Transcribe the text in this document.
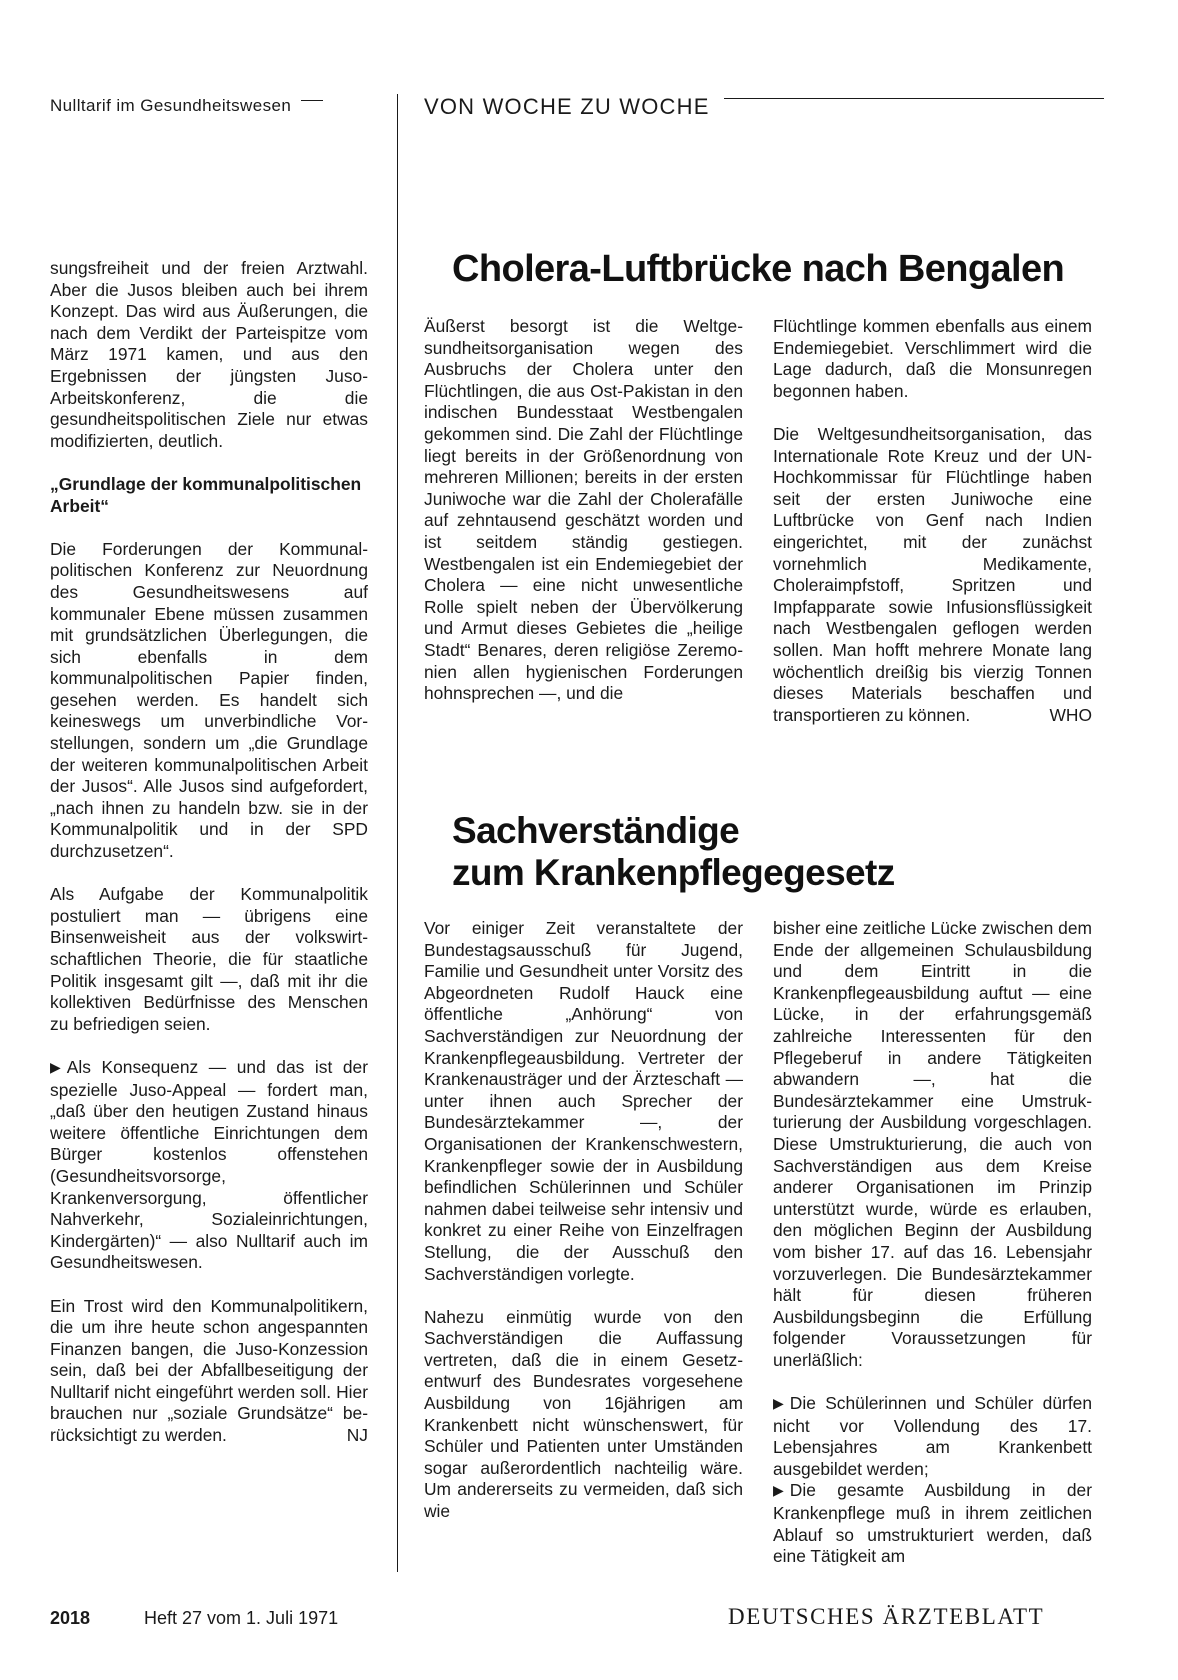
Nulltarif im Gesundheitswesen	VON WOCHE ZU WOCHE

sungsfreiheit und der freien Arztwahl. Aber die Jusos bleiben auch bei ihrem Konzept. Das wird aus Äußerungen, die nach dem Verdikt der Parteispitze vom März 1971 kamen, und aus den Ergebnissen der jüngsten Juso-Arbeitskonferenz, die die gesundheitspolitischen Ziele nur etwas modifizierten, deutlich.

„Grundlage der kommunalpolitischen Arbeit“

Die Forderungen der Kommunalpolitischen Konferenz zur Neuordnung des Gesundheitswesens auf kommunaler Ebene müssen zusammen mit grundsätzlichen Überlegungen, die sich ebenfalls in dem kommunalpolitischen Papier finden, gesehen werden. Es handelt sich keineswegs um unverbindliche Vorstellungen, sondern um „die Grundlage der weiteren kommunalpolitischen Arbeit der Jusos“. Alle Jusos sind aufgefordert, „nach ihnen zu handeln bzw. sie in der Kommunalpolitik und in der SPD durchzusetzen“.

Als Aufgabe der Kommunalpolitik postuliert man — übrigens eine Binsenweisheit aus der volkswirtschaftlichen Theorie, die für staatliche Politik insgesamt gilt —, daß mit ihr die kollektiven Bedürfnisse des Menschen zu befriedigen seien.

▶ Als Konsequenz — und das ist der spezielle Juso-Appeal — fordert man, „daß über den heutigen Zustand hinaus weitere öffentliche Einrichtungen dem Bürger kostenlos offenstehen (Gesundheitsvorsorge, Krankenversorgung, öffentlicher Nahverkehr, Sozialeinrichtungen, Kindergärten)“ — also Nulltarif auch im Gesundheitswesen.

Ein Trost wird den Kommunalpolitikern, die um ihre heute schon angespannten Finanzen bangen, die Juso-Konzession sein, daß bei der Abfallbeseitigung der Nulltarif nicht eingeführt werden soll. Hier brauchen nur „soziale Grundsätze“ berücksichtigt zu werden.	NJ

Cholera-Luftbrücke nach Bengalen

Äußerst besorgt ist die Weltgesundheitsorganisation wegen des Ausbruchs der Cholera unter den Flüchtlingen, die aus Ost-Pakistan in den indischen Bundesstaat Westbengalen gekommen sind. Die Zahl der Flüchtlinge liegt bereits in der Größenordnung von mehreren Millionen; bereits in der ersten Juniwoche war die Zahl der Cholerafälle auf zehntausend geschätzt worden und ist seitdem ständig gestiegen. Westbengalen ist ein Endemiegebiet der Cholera — eine nicht unwesentliche Rolle spielt neben der Übervölkerung und Armut dieses Gebietes die „heilige Stadt“ Benares, deren religiöse Zeremonien allen hygienischen Forderungen hohnsprechen —, und die

Flüchtlinge kommen ebenfalls aus einem Endemiegebiet. Verschlimmert wird die Lage dadurch, daß die Monsunregen begonnen haben.

Die Weltgesundheitsorganisation, das Internationale Rote Kreuz und der UN-Hochkommissar für Flüchtlinge haben seit der ersten Juniwoche eine Luftbrücke von Genf nach Indien eingerichtet, mit der zunächst vornehmlich Medikamente, Choleraimpfstoff, Spritzen und Impfapparate sowie Infusionsflüssigkeit nach Westbengalen geflogen werden sollen. Man hofft mehrere Monate lang wöchentlich dreißig bis vierzig Tonnen dieses Materials beschaffen und transportieren zu können.	WHO

Sachverständige
zum Krankenpflegegesetz

Vor einiger Zeit veranstaltete der Bundestagsausschuß für Jugend, Familie und Gesundheit unter Vorsitz des Abgeordneten Rudolf Hauck eine öffentliche „Anhörung“ von Sachverständigen zur Neuordnung der Krankenpflegeausbildung. Vertreter der Krankenausträger und der Ärzteschaft — unter ihnen auch Sprecher der Bundesärztekammer —, der Organisationen der Krankenschwestern, Krankenpfleger sowie der in Ausbildung befindlichen Schülerinnen und Schüler nahmen dabei teilweise sehr intensiv und konkret zu einer Reihe von Einzelfragen Stellung, die der Ausschuß den Sachverständigen vorlegte.

Nahezu einmütig wurde von den Sachverständigen die Auffassung vertreten, daß die in einem Gesetzentwurf des Bundesrates vorgesehene Ausbildung von 16jährigen am Krankenbett nicht wünschenswert, für Schüler und Patienten unter Umständen sogar außerordentlich nachteilig wäre. Um andererseits zu vermeiden, daß sich wie

bisher eine zeitliche Lücke zwischen dem Ende der allgemeinen Schulausbildung und dem Eintritt in die Krankenpflegeausbildung auftut — eine Lücke, in der erfahrungsgemäß zahlreiche Interessenten für den Pflegeberuf in andere Tätigkeiten abwandern —, hat die Bundesärztekammer eine Umstrukturierung der Ausbildung vorgeschlagen. Diese Umstrukturierung, die auch von Sachverständigen aus dem Kreise anderer Organisationen im Prinzip unterstützt wurde, würde es erlauben, den möglichen Beginn der Ausbildung vom bisher 17. auf das 16. Lebensjahr vorzuverlegen. Die Bundesärztekammer hält für diesen früheren Ausbildungsbeginn die Erfüllung folgender Voraussetzungen für unerläßlich:

▶ Die Schülerinnen und Schüler dürfen nicht vor Vollendung des 17. Lebensjahres am Krankenbett ausgebildet werden;

▶ Die gesamte Ausbildung in der Krankenpflege muß in ihrem zeitlichen Ablauf so umstrukturiert werden, daß eine Tätigkeit am

2018	Heft 27 vom 1. Juli 1971	DEUTSCHES ÄRZTEBLATT
